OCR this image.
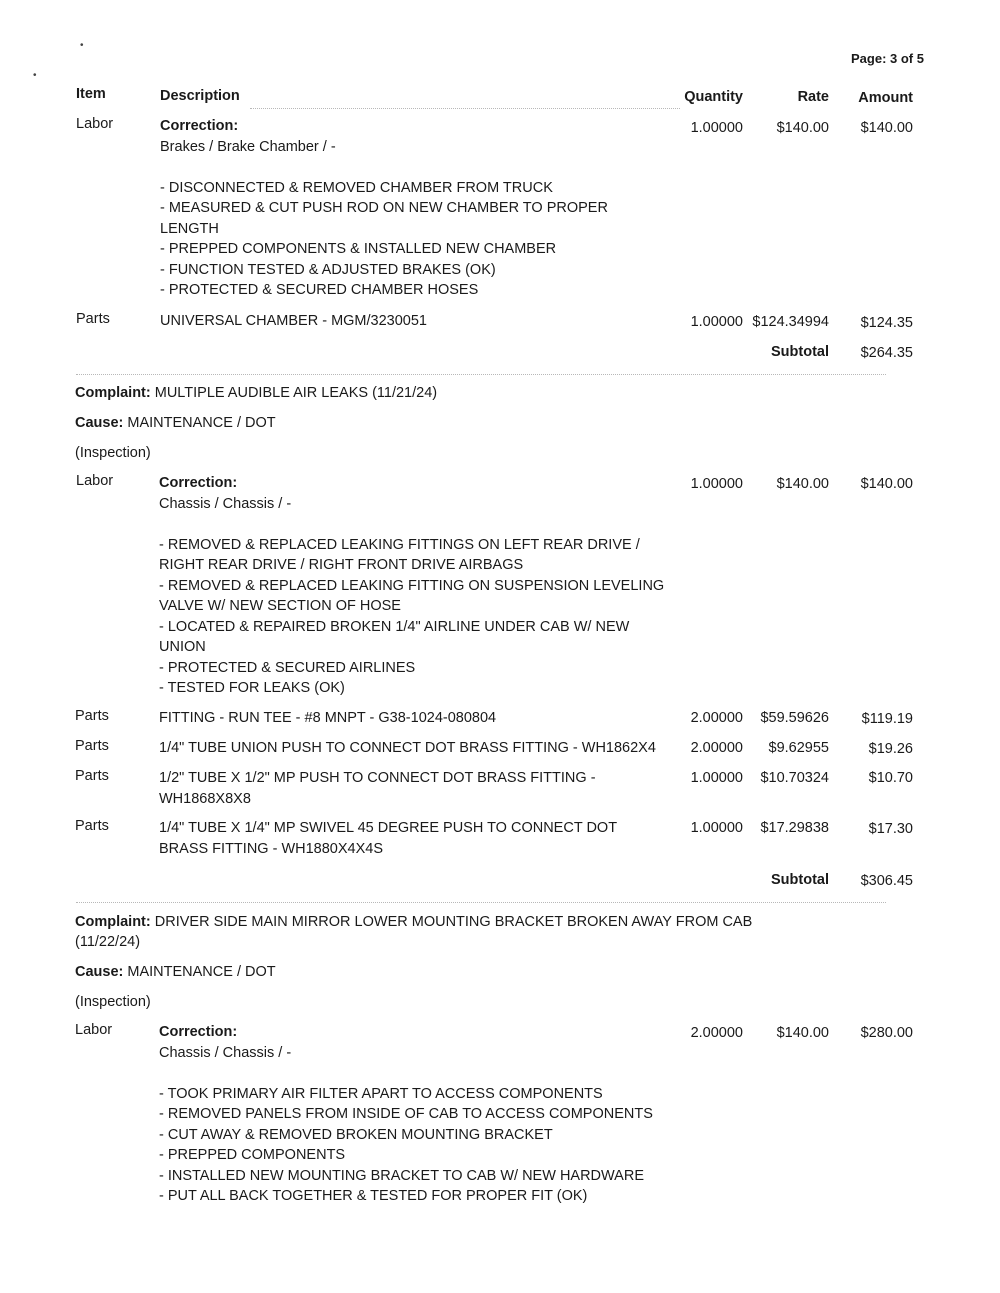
•
•
Page: 3 of 5
Item	Description	Quantity	Rate Amount
Labor	Correction:
Brakes / Brake Chamber / -
- DISCONNECTED & REMOVED CHAMBER FROM TRUCK
- MEASURED & CUT PUSH ROD ON NEW CHAMBER TO PROPER
LENGTH
- PREPPED COMPONENTS & INSTALLED NEW CHAMBER
- FUNCTION TESTED & ADJUSTED BRAKES (OK)
- PROTECTED & SECURED CHAMBER HOSES
1.00000 $140.00 $140.00
Parts	UNIVERSAL CHAMBER - MGM/3230051	1.00000 $124.34994 $124.35
Subtotal $264.35
Complaint: MULTIPLE AUDIBLE AIR LEAKS (11/21/24)
Cause: MAINTENANCE / DOT
(Inspection)
Labor	Correction:
Chassis / Chassis / -
- REMOVED & REPLACED LEAKING FITTINGS ON LEFT REAR DRIVE /
RIGHT REAR DRIVE / RIGHT FRONT DRIVE AIRBAGS
- REMOVED & REPLACED LEAKING FITTING ON SUSPENSION LEVELING
VALVE W/ NEW SECTION OF HOSE
- LOCATED & REPAIRED BROKEN 1/4" AIRLINE UNDER CAB W/ NEW
UNION
- PROTECTED & SECURED AIRLINES
- TESTED FOR LEAKS (OK)
1.00000 $140.00 $140.00
Parts	FITTING - RUN TEE - #8 MNPT - G38-1024-080804	2.00000 $59.59626 $119.19
Parts	1/4" TUBE UNION PUSH TO CONNECT DOT BRASS FITTING - WH1862X4	2.00000 $9.62955	$19.26
Parts	1/2" TUBE X 1/2" MP PUSH TO CONNECT DOT BRASS FITTING -
WH1868X8X8
1.00000 $10.70324	$10.70
Parts	1/4" TUBE X 1/4" MP SWIVEL 45 DEGREE PUSH TO CONNECT DOT
BRASS FITTING - WH1880X4X4S
1.00000 $17.29838	$17.30
Subtotal $306.45
Complaint: DRIVER SIDE MAIN MIRROR LOWER MOUNTING BRACKET BROKEN AWAY FROM CAB
(11/22/24)
Cause: MAINTENANCE / DOT
(Inspection)
Labor	Correction:
Chassis / Chassis / -
- TOOK PRIMARY AIR FILTER APART TO ACCESS COMPONENTS
- REMOVED PANELS FROM INSIDE OF CAB TO ACCESS COMPONENTS
- CUT AWAY & REMOVED BROKEN MOUNTING BRACKET
- PREPPED COMPONENTS
- INSTALLED NEW MOUNTING BRACKET TO CAB W/ NEW HARDWARE
- PUT ALL BACK TOGETHER & TESTED FOR PROPER FIT (OK)
2.00000 $140.00 $280.00
